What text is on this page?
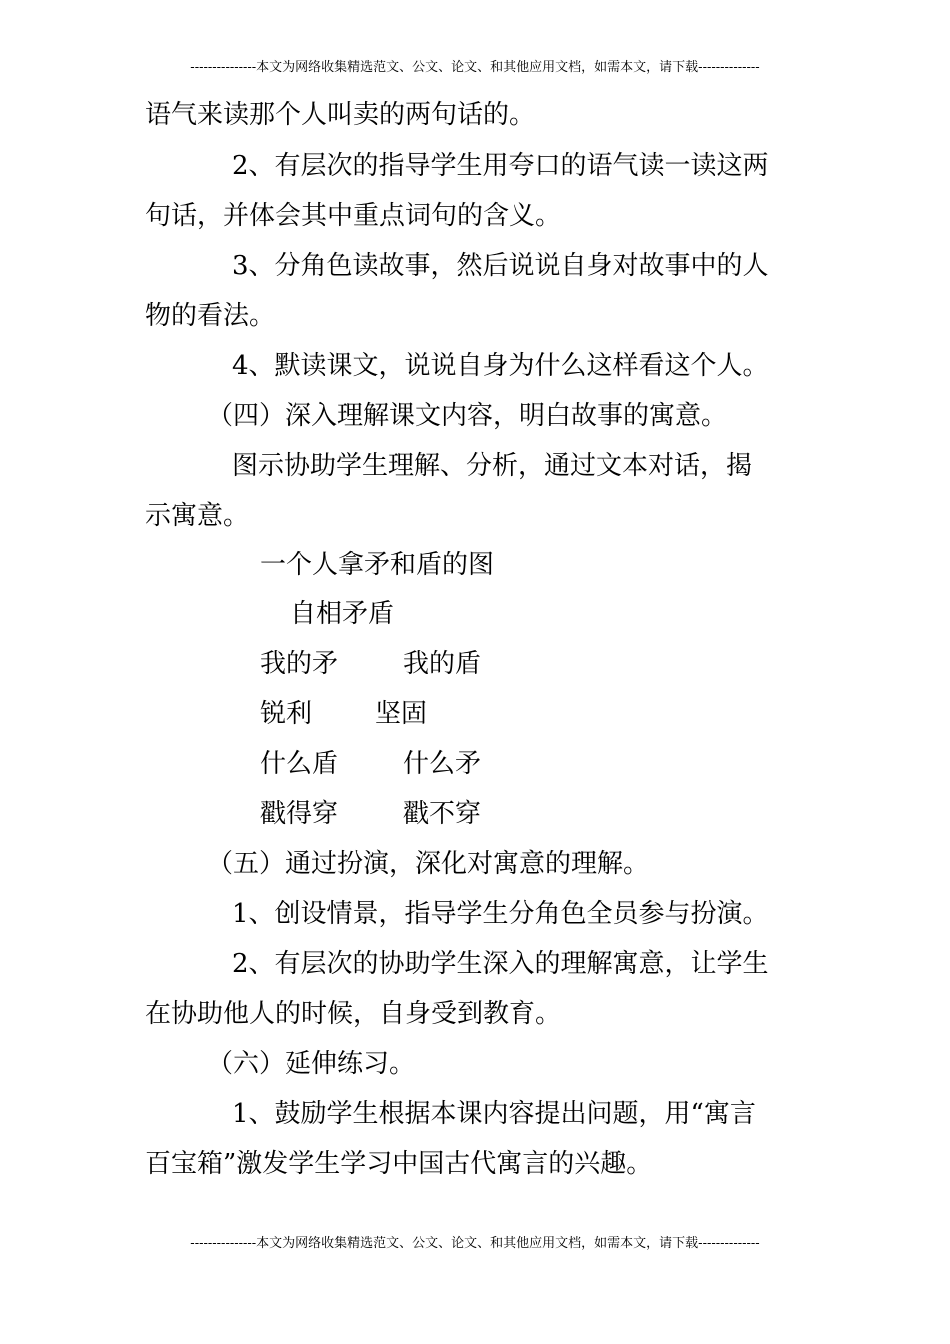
---------------本文为网络收集精选范文、公文、论文、和其他应用文档，如需本文，请下载--------------
语气来读那个人叫卖的两句话的。
2、有层次的指导学生用夸口的语气读一读这两
句话，并体会其中重点词句的含义。
3、分角色读故事，然后说说自身对故事中的人
物的看法。
4、默读课文，说说自身为什么这样看这个人。
（四）深入理解课文内容，明白故事的寓意。
图示协助学生理解、分析，通过文本对话，揭
示寓意。
一个人拿矛和盾的图
自相矛盾
我的矛 我的盾
锐利 坚固
什么盾 什么矛
戳得穿 戳不穿
（五）通过扮演，深化对寓意的理解。
1、创设情景，指导学生分角色全员参与扮演。
2、有层次的协助学生深入的理解寓意，让学生
在协助他人的时候，自身受到教育。
（六）延伸练习。
1、鼓励学生根据本课内容提出问题，用“寓言
百宝箱”激发学生学习中国古代寓言的兴趣。
---------------本文为网络收集精选范文、公文、论文、和其他应用文档，如需本文，请下载--------------
